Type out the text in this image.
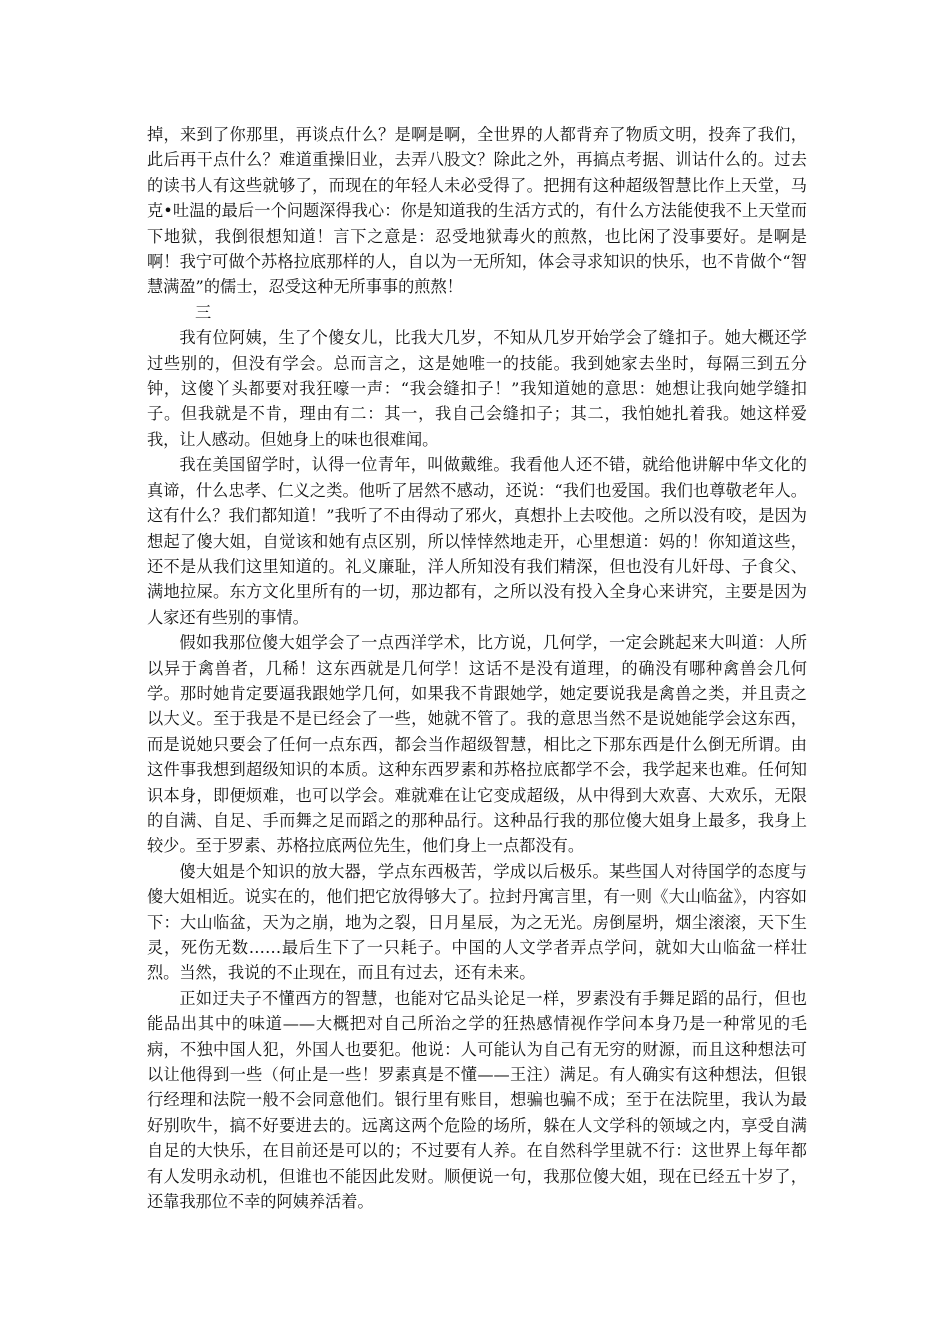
掉，来到了你那里，再谈点什么？是啊是啊，全世界的人都背弃了物质文明，投奔了我们，此后再干点什么？难道重操旧业，去弄八股文？除此之外，再搞点考据、训诂什么的。过去的读书人有这些就够了，而现在的年轻人未必受得了。把拥有这种超级智慧比作上天堂，马克•吐温的最后一个问题深得我心：你是知道我的生活方式的，有什么方法能使我不上天堂而下地狱，我倒很想知道！言下之意是：忍受地狱毒火的煎熬，也比闲了没事要好。是啊是啊！我宁可做个苏格拉底那样的人，自以为一无所知，体会寻求知识的快乐，也不肯做个“智慧满盈”的儒士，忍受这种无所事事的煎熬！

三

我有位阿姨，生了个傻女儿，比我大几岁，不知从几岁开始学会了缝扣子。她大概还学过些别的，但没有学会。总而言之，这是她唯一的技能。我到她家去坐时，每隔三到五分钟，这傻丫头都要对我狂嚎一声：“我会缝扣子！”我知道她的意思：她想让我向她学缝扣子。但我就是不肯，理由有二：其一，我自己会缝扣子；其二，我怕她扎着我。她这样爱我，让人感动。但她身上的味也很难闻。

我在美国留学时，认得一位青年，叫做戴维。我看他人还不错，就给他讲解中华文化的真谛，什么忠孝、仁义之类。他听了居然不感动，还说：“我们也爱国。我们也尊敬老年人。这有什么？我们都知道！”我听了不由得动了邪火，真想扑上去咬他。之所以没有咬，是因为想起了傻大姐，自觉该和她有点区别，所以悻悻然地走开，心里想道：妈的！你知道这些，还不是从我们这里知道的。礼义廉耻，洋人所知没有我们精深，但也没有儿奸母、子食父、满地拉屎。东方文化里所有的一切，那边都有，之所以没有投入全身心来讲究，主要是因为人家还有些别的事情。

假如我那位傻大姐学会了一点西洋学术，比方说，几何学，一定会跳起来大叫道：人所以异于禽兽者，几稀！这东西就是几何学！这话不是没有道理，的确没有哪种禽兽会几何学。那时她肯定要逼我跟她学几何，如果我不肯跟她学，她定要说我是禽兽之类，并且责之以大义。至于我是不是已经会了一些，她就不管了。我的意思当然不是说她能学会这东西，而是说她只要会了任何一点东西，都会当作超级智慧，相比之下那东西是什么倒无所谓。由这件事我想到超级知识的本质。这种东西罗素和苏格拉底都学不会，我学起来也难。任何知识本身，即便烦难，也可以学会。难就难在让它变成超级，从中得到大欢喜、大欢乐，无限的自满、自足、手而舞之足而蹈之的那种品行。这种品行我的那位傻大姐身上最多，我身上较少。至于罗素、苏格拉底两位先生，他们身上一点都没有。

傻大姐是个知识的放大器，学点东西极苦，学成以后极乐。某些国人对待国学的态度与傻大姐相近。说实在的，他们把它放得够大了。拉封丹寓言里，有一则《大山临盆》，内容如下：大山临盆，天为之崩，地为之裂，日月星辰，为之无光。房倒屋坍，烟尘滚滚，天下生灵，死伤无数……最后生下了一只耗子。中国的人文学者弄点学问，就如大山临盆一样壮烈。当然，我说的不止现在，而且有过去，还有未来。

正如迂夫子不懂西方的智慧，也能对它品头论足一样，罗素没有手舞足蹈的品行，但也能品出其中的味道——大概把对自己所治之学的狂热感情视作学问本身乃是一种常见的毛病，不独中国人犯，外国人也要犯。他说：人可能认为自己有无穷的财源，而且这种想法可以让他得到一些（何止是一些！罗素真是不懂——王注）满足。有人确实有这种想法，但银行经理和法院一般不会同意他们。银行里有账目，想骗也骗不成；至于在法院里，我认为最好别吹牛，搞不好要进去的。远离这两个危险的场所，躲在人文学科的领域之内，享受自满自足的大快乐，在目前还是可以的；不过要有人养。在自然科学里就不行：这世界上每年都有人发明永动机，但谁也不能因此发财。顺便说一句，我那位傻大姐，现在已经五十岁了，还靠我那位不幸的阿姨养活着。
